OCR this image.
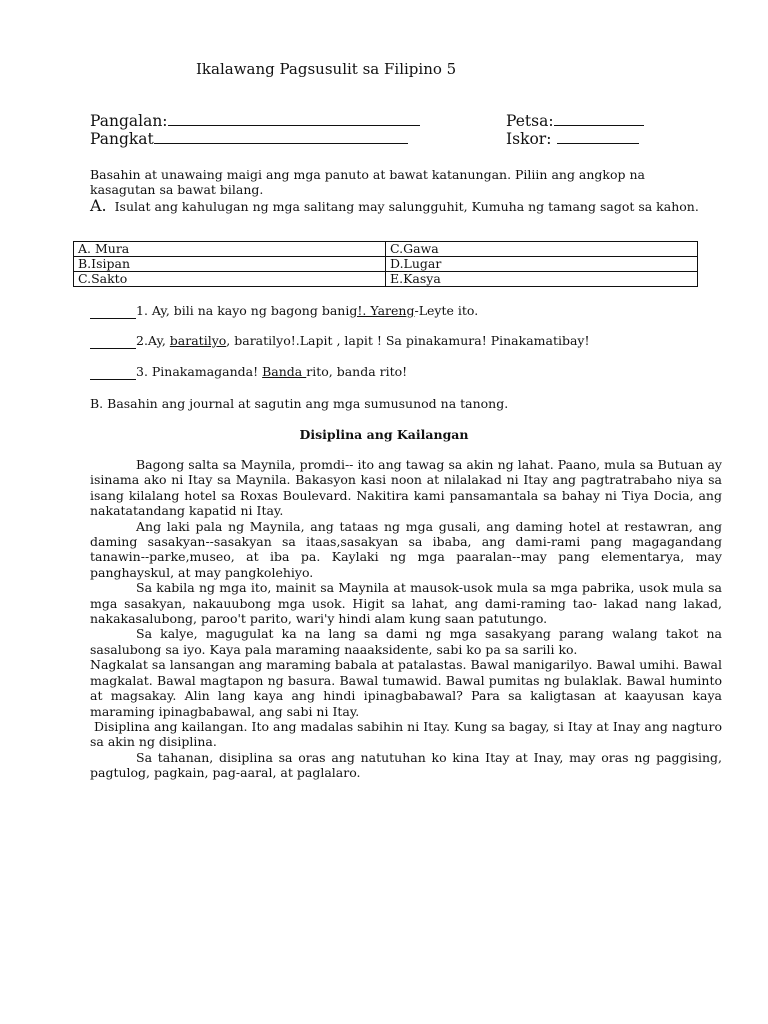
Ikalawang Pagsusulit sa Filipino 5
Pangalan:
Pangkat
Petsa:
Iskor:
Basahin at unawaing maigi ang mga panuto at bawat katanungan. Piliin ang angkop na kasagutan sa bawat bilang.
A. Isulat ang kahulugan ng mga salitang may salungguhit, Kumuha ng tamang sagot sa kahon.
A. Mura	C.Gawa
B.Isipan	D.Lugar
C.Sakto	E.Kasya
1. Ay, bili na kayo ng bagong banig!. Yareng-Leyte ito.
2.Ay, baratilyo, baratilyo!.Lapit , lapit ! Sa pinakamura! Pinakamatibay!
3. Pinakamaganda! Banda rito, banda rito!
B. Basahin ang journal at sagutin ang mga sumusunod na tanong.
Disiplina ang Kailangan

Bagong salta sa Maynila, promdi-- ito ang tawag sa akin ng lahat. Paano, mula sa Butuan ay isinama ako ni Itay sa Maynila. Bakasyon kasi noon at nilalakad ni Itay ang pagtratrabaho niya sa isang kilalang hotel sa Roxas Boulevard. Nakitira kami pansamantala sa bahay ni Tiya Docia, ang nakatatandang kapatid ni Itay.

Ang laki pala ng Maynila, ang tataas ng mga gusali, ang daming hotel at restawran, ang daming sasakyan--sasakyan sa itaas,sasakyan sa ibaba, ang dami-rami pang magagandang tanawin--parke,museo, at iba pa. Kaylaki ng mga paaralan--may pang elementarya, may panghayskul, at may pangkolehiyo.

Sa kabila ng mga ito, mainit sa Maynila at mausok-usok mula sa mga pabrika, usok mula sa mga sasakyan, nakauubong mga usok. Higit sa lahat, ang dami-raming tao- lakad nang lakad, nakakasalubong, paroo't parito, wari'y hindi alam kung saan patutungo.

Sa kalye, magugulat ka na lang sa dami ng mga sasakyang parang walang takot na sasalubong sa iyo. Kaya pala maraming naaaksidente, sabi ko pa sa sarili ko.

Nagkalat sa lansangan ang maraming babala at patalastas. Bawal manigarilyo. Bawal umihi. Bawal magkalat. Bawal magtapon ng basura. Bawal tumawid. Bawal pumitas ng bulaklak. Bawal huminto at magsakay. Alin lang kaya ang hindi ipinagbabawal? Para sa kaligtasan at kaayusan kaya maraming ipinagbabawal, ang sabi ni Itay.

Disiplina ang kailangan. Ito ang madalas sabihin ni Itay. Kung sa bagay, si Itay at Inay ang nagturo sa akin ng disiplina.

Sa tahanan, disiplina sa oras ang natutuhan ko kina Itay at Inay, may oras ng paggising, pagtulog, pagkain, pag-aaral, at paglalaro.
